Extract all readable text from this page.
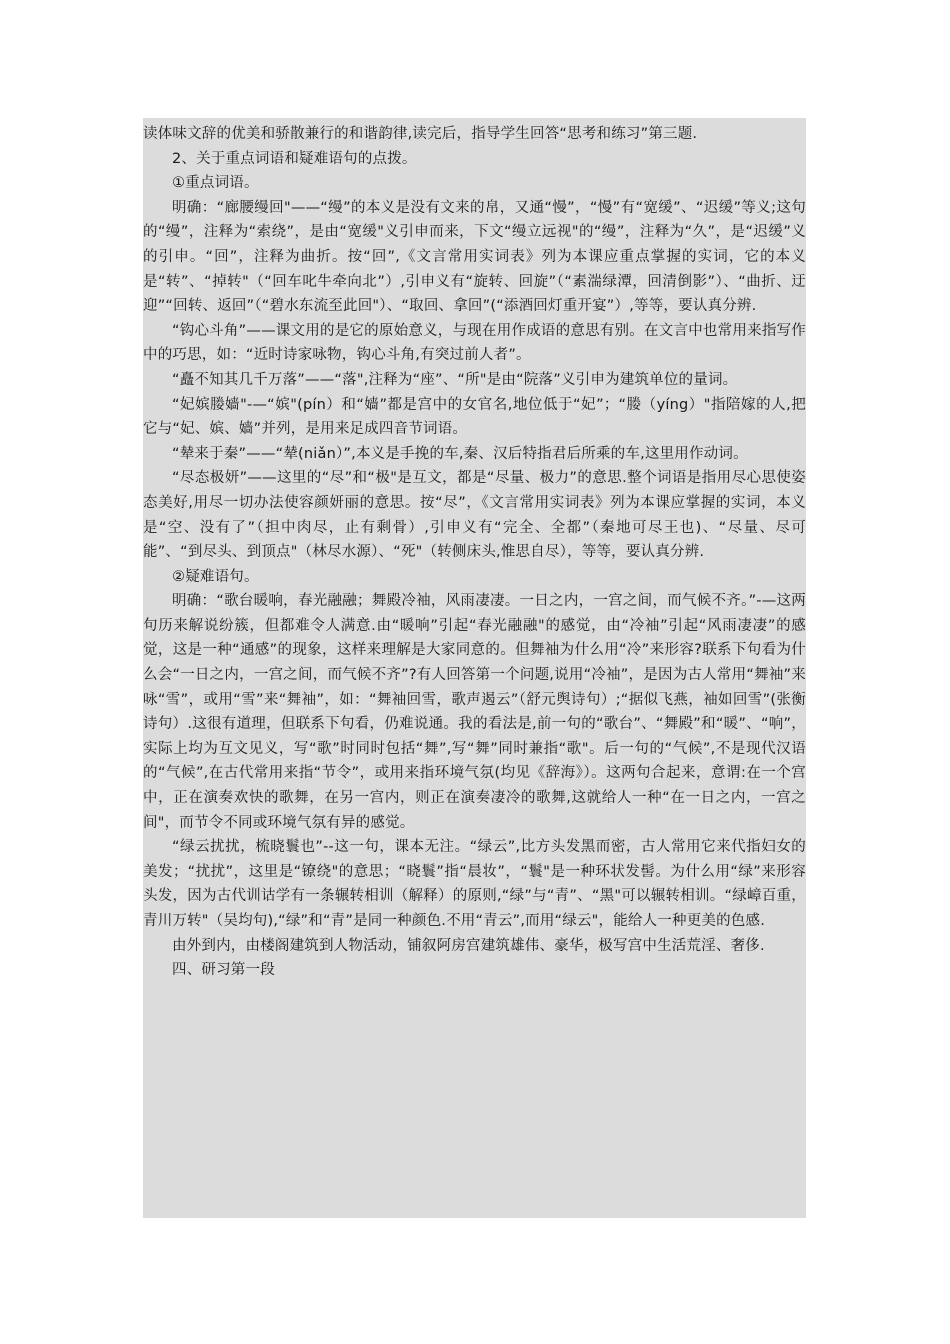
读体味文辞的优美和骄散兼行的和谐韵律,读完后，指导学生回答“思考和练习”第三题.

2、关于重点词语和疑难语句的点拨。

①重点词语。

明确：“廊腰缦回"——“缦”的本义是没有文来的帛，又通“慢”，“慢”有“宽缓”、“迟缓”等义;这句的“缦”，注释为“索绕”，是由“宽缓"义引申而来，下文“缦立远视"的“缦”，注释为“久”，是“迟缓”义的引申。“回”，注释为曲折。按“回”,《文言常用实词表》列为本课应重点掌握的实词，它的本义是“转”、“掉转"（“回车叱牛牵向北”）,引申义有“旋转、回旋”（“素湍绿潭，回清倒影”）、“曲折、迂迎”“回转、返回”（“碧水东流至此回"）、“取回、拿回”(“添酒回灯重开宴”）,等等，要认真分辨.

“钩心斗角”——课文用的是它的原始意义，与现在用作成语的意思有别。在文言中也常用来指写作中的巧思，如：“近时诗家咏物，钩心斗角,有突过前人者”。

“矗不知其几千万落”——“落",注释为“座”、“所"是由“院落”义引申为建筑单位的量词。

“妃嫔媵嫱"-—“嫔"(pín）和“嫱”都是宫中的女官名,地位低于“妃”；“媵（yíng）"指陪嫁的人,把它与“妃、嫔、嫱”并列，是用来足成四音节词语。

“辇来于秦”——“辇(niǎn）”,本义是手挽的车,秦、汉后特指君后所乘的车,这里用作动词。

“尽态极妍”——这里的“尽”和“极"是互文，都是“尽量、极力”的意思.整个词语是指用尽心思使姿态美好,用尽一切办法使容颜妍丽的意思。按“尽”，《文言常用实词表》列为本课应掌握的实词，本义是“空、没有了”（担中肉尽，止有剩骨）,引申义有“完全、全都”（秦地可尽王也)、“尽量、尽可能”、“到尽头、到顶点"（林尽水源）、“死"（转侧床头,惟思自尽），等等，要认真分辨.

②疑难语句。

明确：“歌台暖响，春光融融；舞殿冷袖，风雨凄凄。一日之内，一宫之间，而气候不齐。”-—这两句历来解说纷簇，但都难令人满意.由“暖响”引起“春光融融"的感觉，由“冷袖”引起“风雨凄凄”的感觉，这是一种“通感”的现象，这样来理解是大家同意的。但舞袖为什么用“冷”来形容?联系下句看为什么会“一日之内，一宫之间，而气候不齐”?有人回答第一个问题,说用“冷袖”，是因为古人常用“舞袖”来咏“雪”，或用“雪”来“舞袖”，如：“舞袖回雪，歌声遏云”（舒元舆诗句）;“据似飞燕，袖如回雪”(张衡诗句）.这很有道理，但联系下句看，仍难说通。我的看法是,前一句的“歌台”、“舞殿”和“暖”、“响”，实际上均为互文见义，写“歌”时同时包括“舞”,写“舞”同时兼指“歌"。后一句的“气候”,不是现代汉语的“气候”,在古代常用来指“节令”，或用来指环境气氛(均见《辞海》）。这两句合起来，意谓:在一个宫中，正在演奏欢快的歌舞，在另一宫内，则正在演奏凄冷的歌舞,这就给人一种“在一日之内，一宫之间"，而节令不同或环境气氛有异的感觉。

“绿云扰扰，梳晓鬟也”--这一句，课本无注。“绿云”,比方头发黑而密，古人常用它来代指妇女的美发；“扰扰”，这里是“镣绕"的意思；“晓鬟”指“晨妆”，“鬟"是一种环状发髻。为什么用“绿”来形容头发，因为古代训诂学有一条辗转相训（解释）的原则,“绿”与“青”、“黑"可以辗转相训。“绿嶂百重，青川万转"（吴均句),“绿”和“青”是同一种颜色.不用“青云”,而用“绿云"，能给人一种更美的色感.

由外到内，由楼阁建筑到人物活动，铺叙阿房宫建筑雄伟、豪华，极写宫中生活荒淫、奢侈.

四、研习第一段
